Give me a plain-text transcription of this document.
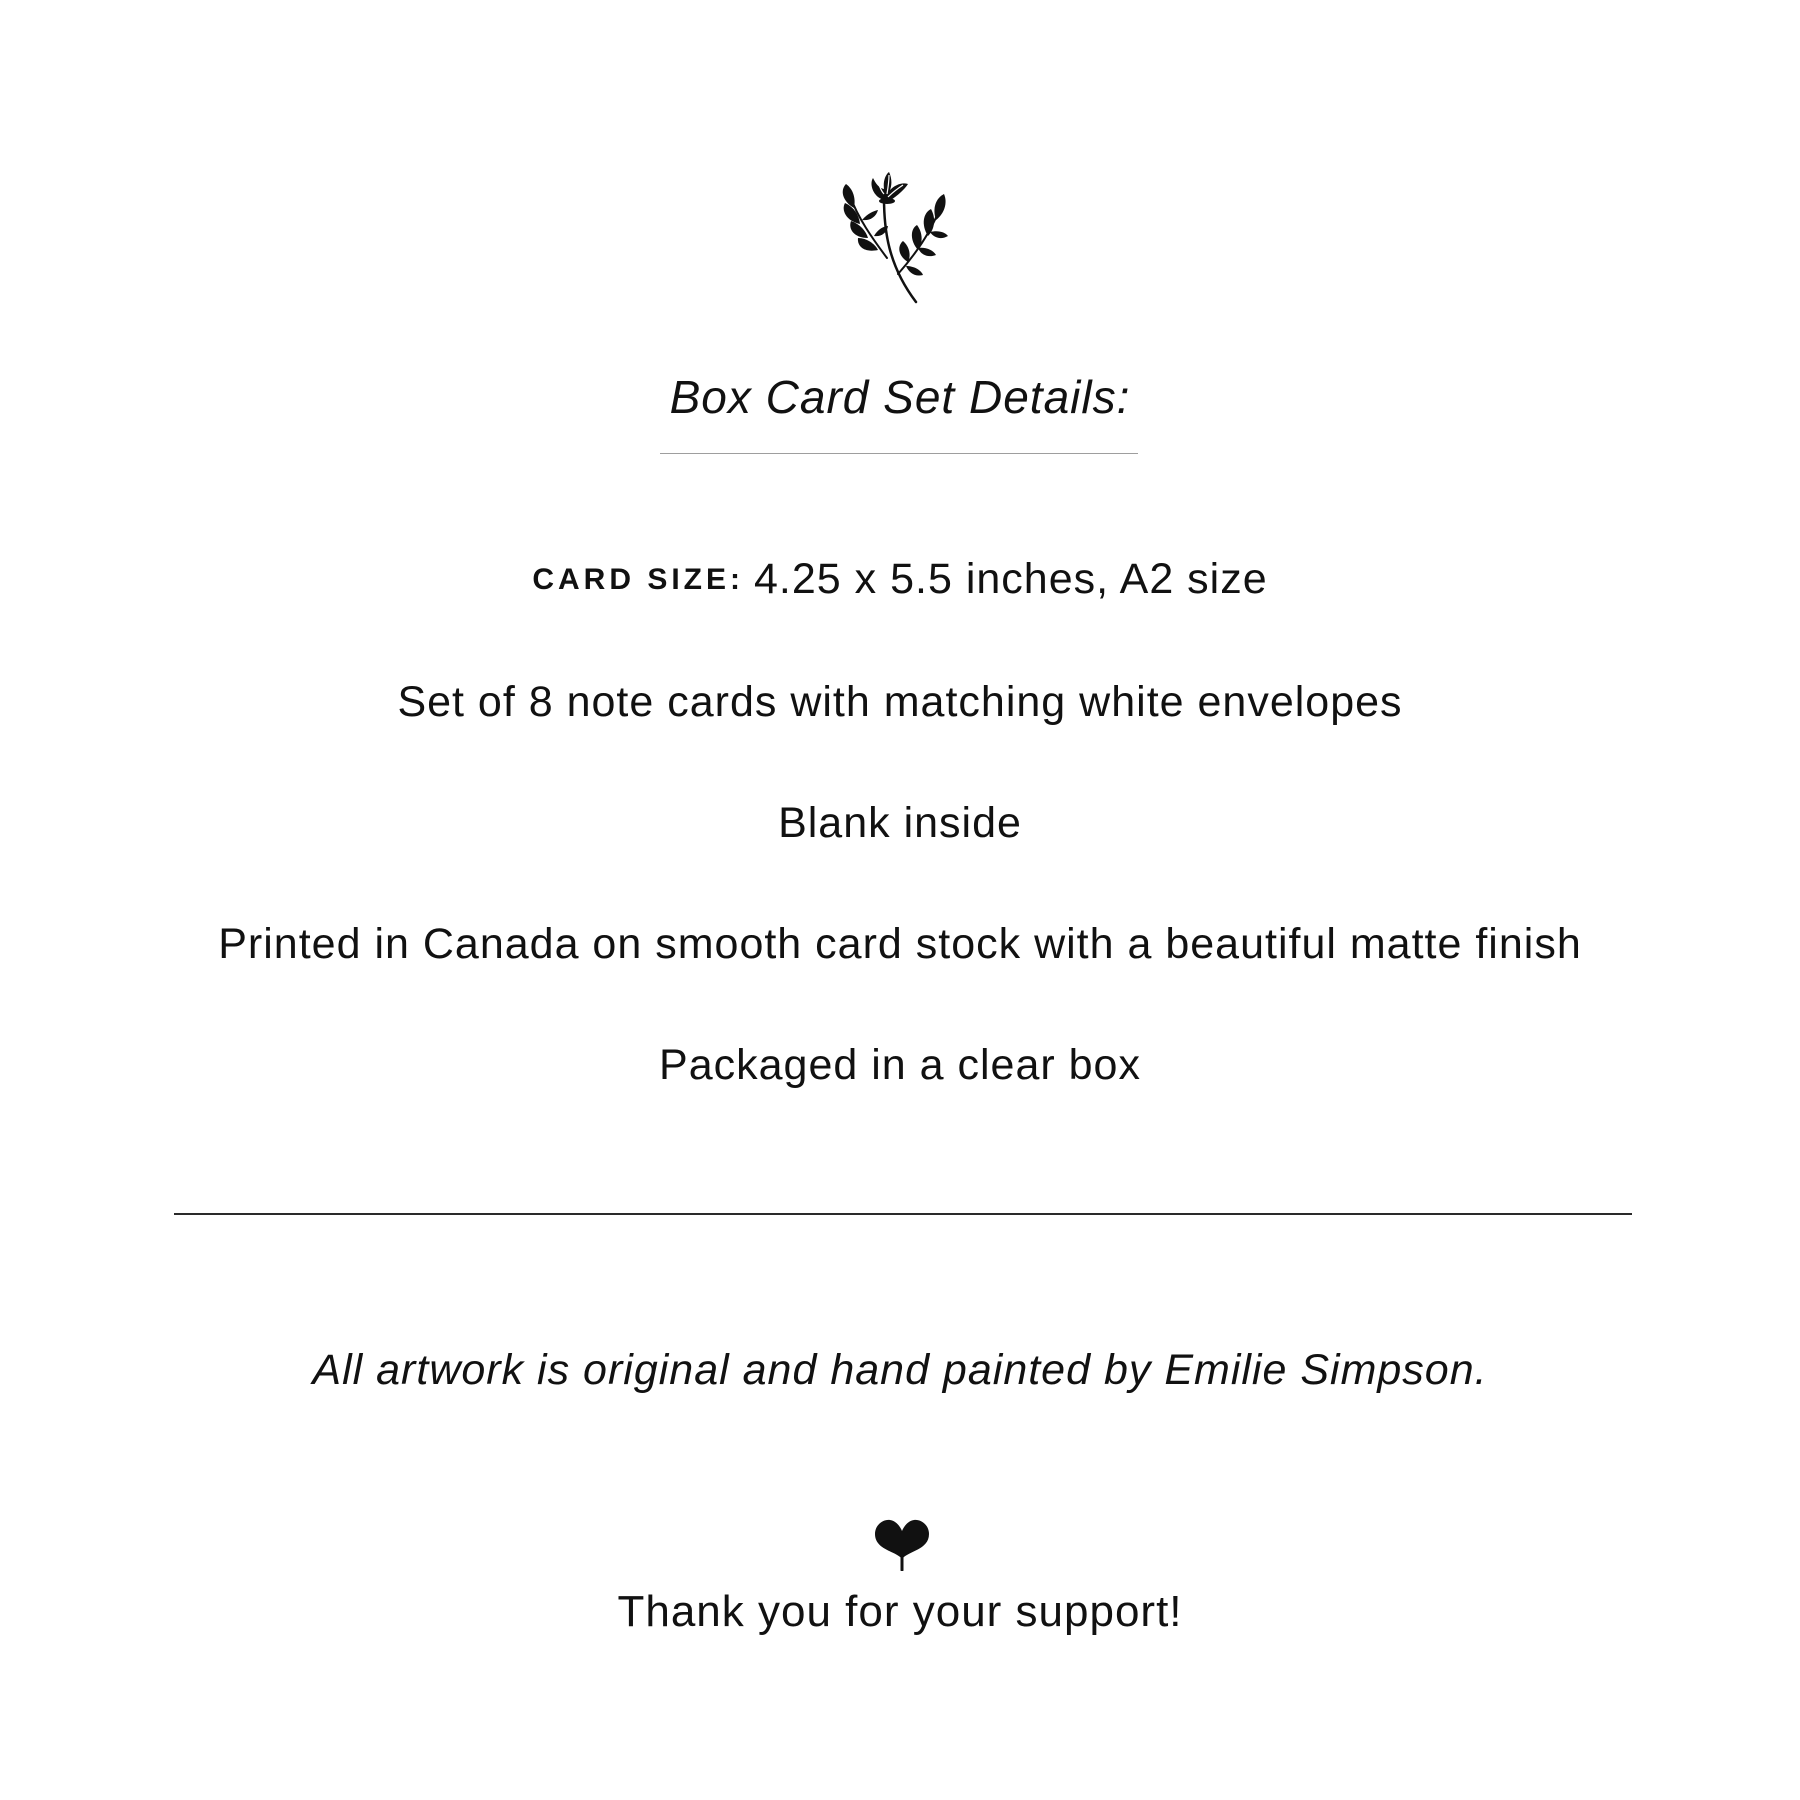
Box Card Set Details:
CARD SIZE: 4.25 x 5.5 inches, A2 size
Set of 8 note cards with matching white envelopes
Blank inside
Printed in Canada on smooth card stock with a beautiful matte finish
Packaged in a clear box
All artwork is original and hand painted by Emilie Simpson.
Thank you for your support!
